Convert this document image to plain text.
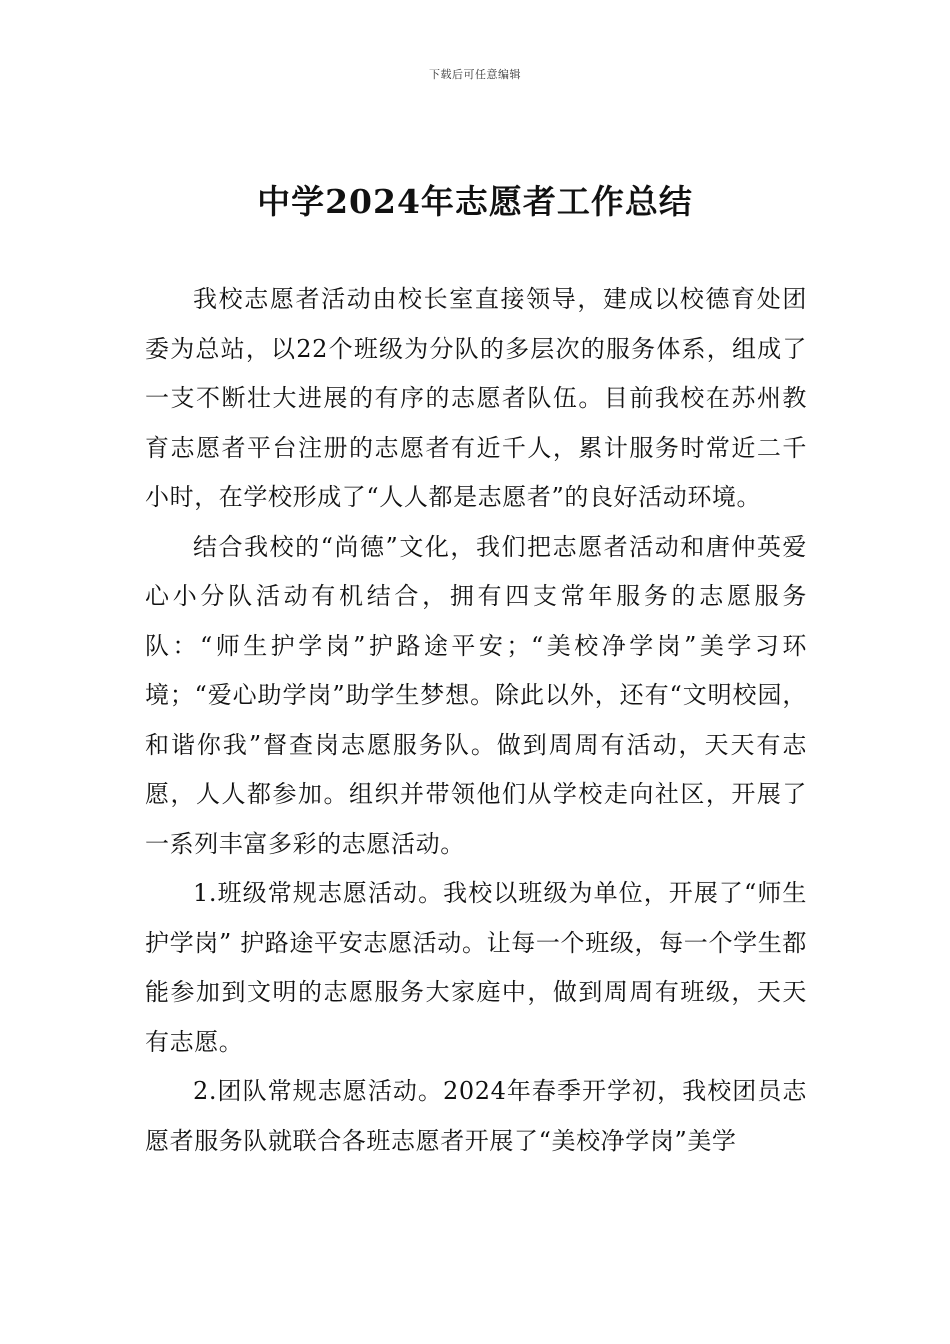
下载后可任意编辑
中学2024年志愿者工作总结

我校志愿者活动由校长室直接领导，建成以校德育处团委为总站，以22个班级为分队的多层次的服务体系，组成了一支不断壮大进展的有序的志愿者队伍。目前我校在苏州教育志愿者平台注册的志愿者有近千人，累计服务时常近二千小时，在学校形成了“人人都是志愿者”的良好活动环境。

结合我校的“尚德”文化，我们把志愿者活动和唐仲英爱心小分队活动有机结合，拥有四支常年服务的志愿服务队：“师生护学岗”护路途平安；“美校净学岗”美学习环境；“爱心助学岗”助学生梦想。除此以外，还有“文明校园，和谐你我”督查岗志愿服务队。做到周周有活动，天天有志愿，人人都参加。组织并带领他们从学校走向社区，开展了一系列丰富多彩的志愿活动。

1.班级常规志愿活动。我校以班级为单位，开展了“师生护学岗” 护路途平安志愿活动。让每一个班级，每一个学生都能参加到文明的志愿服务大家庭中，做到周周有班级，天天有志愿。

2.团队常规志愿活动。2024年春季开学初，我校团员志愿者服务队就联合各班志愿者开展了“美校净学岗”美学
